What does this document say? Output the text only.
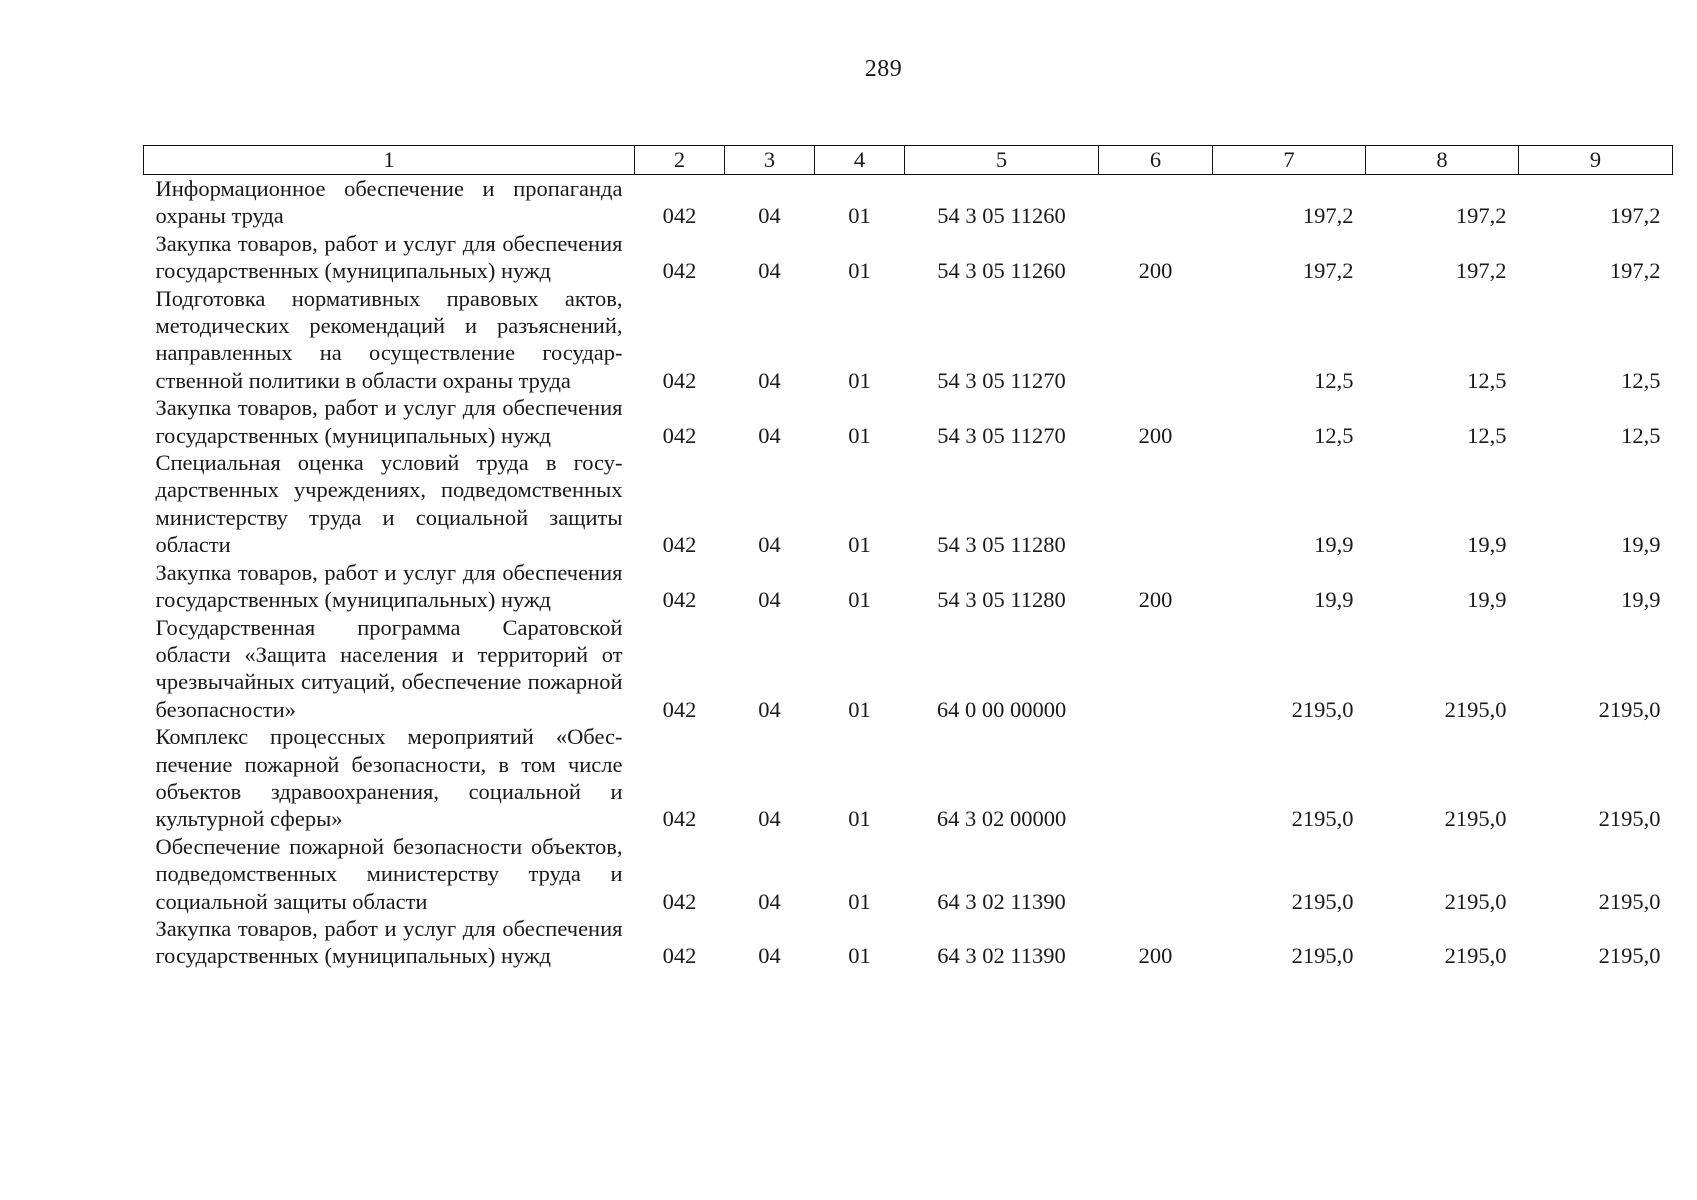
289
1	2	3	4	5	6	7	8	9
Информационное обеспечение и пропаганда охраны труда	042	04	01	54 3 05 11260		197,2	197,2	197,2
Закупка товаров, работ и услуг для обеспечения государственных (муниципальных) нужд	042	04	01	54 3 05 11260	200	197,2	197,2	197,2
Подготовка нормативных правовых актов, методических рекомендаций и разъяснений, направленных на осуществление государственной политики в области охраны труда	042	04	01	54 3 05 11270		12,5	12,5	12,5
Закупка товаров, работ и услуг для обеспечения государственных (муниципальных) нужд	042	04	01	54 3 05 11270	200	12,5	12,5	12,5
Специальная оценка условий труда в государственных учреждениях, подведомственных министерству труда и социальной защиты области	042	04	01	54 3 05 11280		19,9	19,9	19,9
Закупка товаров, работ и услуг для обеспечения государственных (муниципальных) нужд	042	04	01	54 3 05 11280	200	19,9	19,9	19,9
Государственная программа Саратовской области «Защита населения и территорий от чрезвычайных ситуаций, обеспечение пожарной безопасности»	042	04	01	64 0 00 00000		2195,0	2195,0	2195,0
Комплекс процессных мероприятий «Обеспечение пожарной безопасности, в том числе объектов здравоохранения, социальной и культурной сферы»	042	04	01	64 3 02 00000		2195,0	2195,0	2195,0
Обеспечение пожарной безопасности объектов, подведомственных министерству труда и социальной защиты области	042	04	01	64 3 02 11390		2195,0	2195,0	2195,0
Закупка товаров, работ и услуг для обеспечения государственных (муниципальных) нужд	042	04	01	64 3 02 11390	200	2195,0	2195,0	2195,0
